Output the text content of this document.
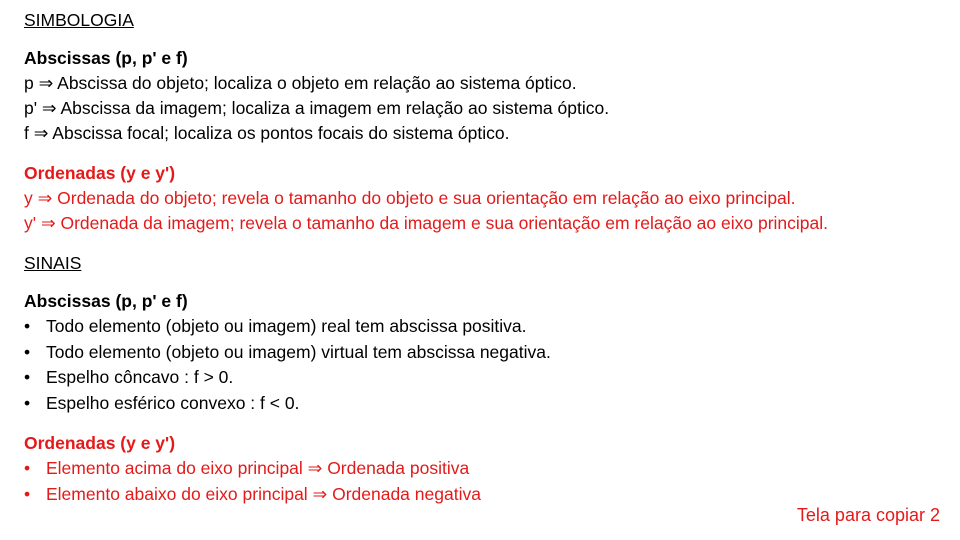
SIMBOLOGIA
Abscissas (p, p' e f)
p ⇒ Abscissa do objeto; localiza o objeto em relação ao sistema óptico.
p' ⇒ Abscissa da imagem; localiza a imagem em relação ao sistema óptico.
f ⇒ Abscissa focal; localiza os pontos focais do sistema óptico.
Ordenadas (y e y')
y ⇒ Ordenada do objeto; revela o tamanho do objeto e sua orientação em relação ao eixo principal.
y' ⇒ Ordenada da imagem; revela o tamanho da imagem e sua orientação em relação ao eixo principal.
SINAIS
Abscissas (p, p' e f)
• Todo elemento (objeto ou imagem) real tem abscissa positiva.
• Todo elemento (objeto ou imagem) virtual tem abscissa negativa.
• Espelho côncavo : f > 0.
• Espelho esférico convexo : f < 0.
Ordenadas (y e y')
• Elemento acima do eixo principal ⇒ Ordenada positiva
• Elemento abaixo do eixo principal ⇒ Ordenada negativa
Tela para copiar 2
